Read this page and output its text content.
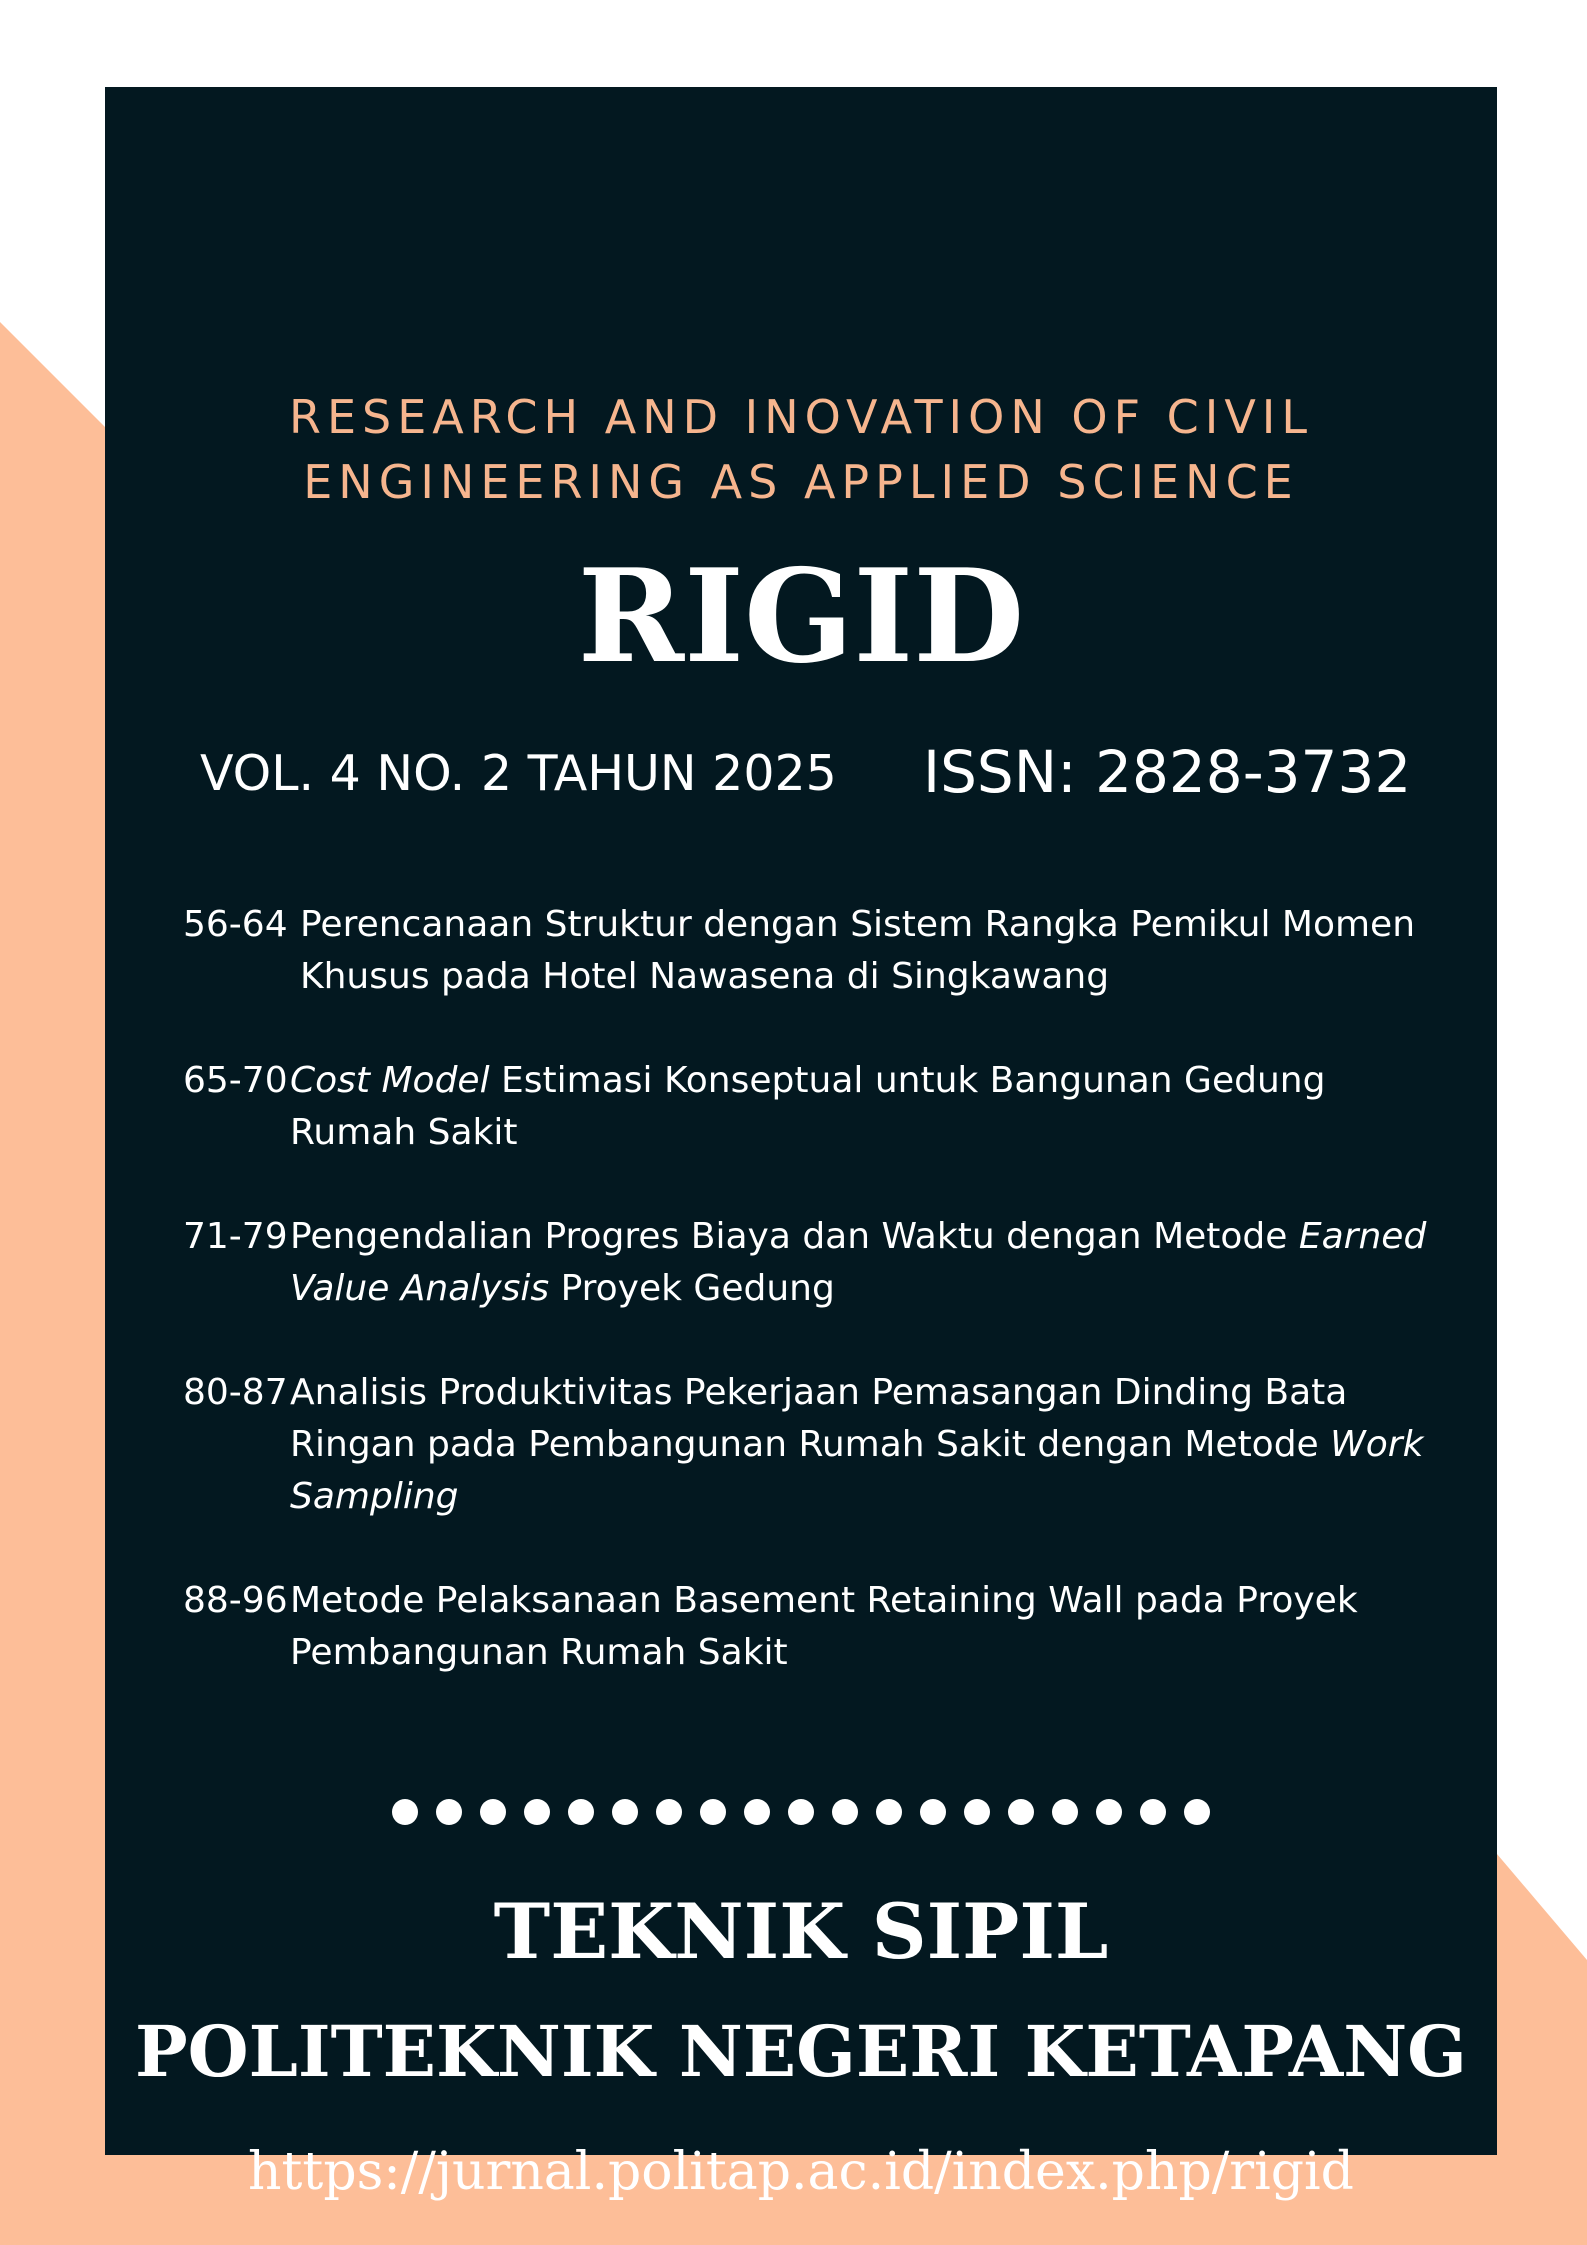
RESEARCH AND INOVATION OF CIVIL
ENGINEERING AS APPLIED SCIENCE
RIGID
VOL. 4 NO. 2 TAHUN 2025 ISSN: 2828-3732
56-64 Perencanaan Struktur dengan Sistem Rangka Pemikul Momen
Khusus pada Hotel Nawasena di Singkawang
65-70 Cost Model Estimasi Konseptual untuk Bangunan Gedung
Rumah Sakit
71-79 Pengendalian Progres Biaya dan Waktu dengan Metode Earned
Value Analysis Proyek Gedung
80-87 Analisis Produktivitas Pekerjaan Pemasangan Dinding Bata
Ringan pada Pembangunan Rumah Sakit dengan Metode Work
Sampling
88-96 Metode Pelaksanaan Basement Retaining Wall pada Proyek
Pembangunan Rumah Sakit
TEKNIK SIPIL
POLITEKNIK NEGERI KETAPANG
https://jurnal.politap.ac.id/index.php/rigid
